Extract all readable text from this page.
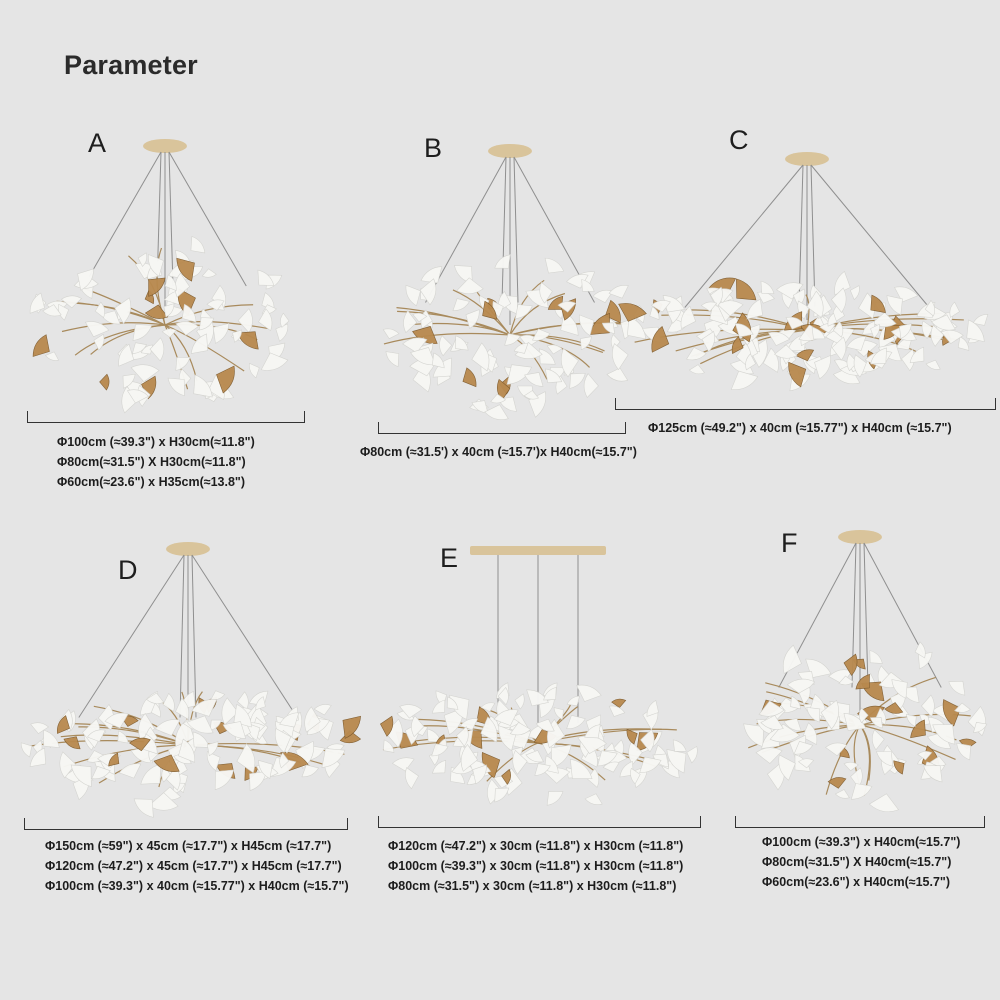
Parameter
A
Φ100cm (≈39.3") x H30cm(≈11.8")
Φ80cm(≈31.5") X H30cm(≈11.8")
Φ60cm(≈23.6") x H35cm(≈13.8")
B
Φ80cm (≈31.5') x 40cm (≈15.7')x H40cm(≈15.7")
C
Φ125cm (≈49.2") x 40cm (≈15.77") x H40cm (≈15.7")
D
Φ150cm (≈59") x 45cm (≈17.7") x H45cm (≈17.7")
Φ120cm (≈47.2") x 45cm (≈17.7") x H45cm (≈17.7")
Φ100cm (≈39.3") x 40cm (≈15.77") x H40cm (≈15.7")
E
Φ120cm (≈47.2") x 30cm (≈11.8") x H30cm (≈11.8")
Φ100cm (≈39.3") x 30cm (≈11.8") x H30cm (≈11.8")
Φ80cm (≈31.5") x 30cm (≈11.8") x H30cm (≈11.8")
F
Φ100cm (≈39.3") x H40cm(≈15.7")
Φ80cm(≈31.5") X H40cm(≈15.7")
Φ60cm(≈23.6") x H40cm(≈15.7")
